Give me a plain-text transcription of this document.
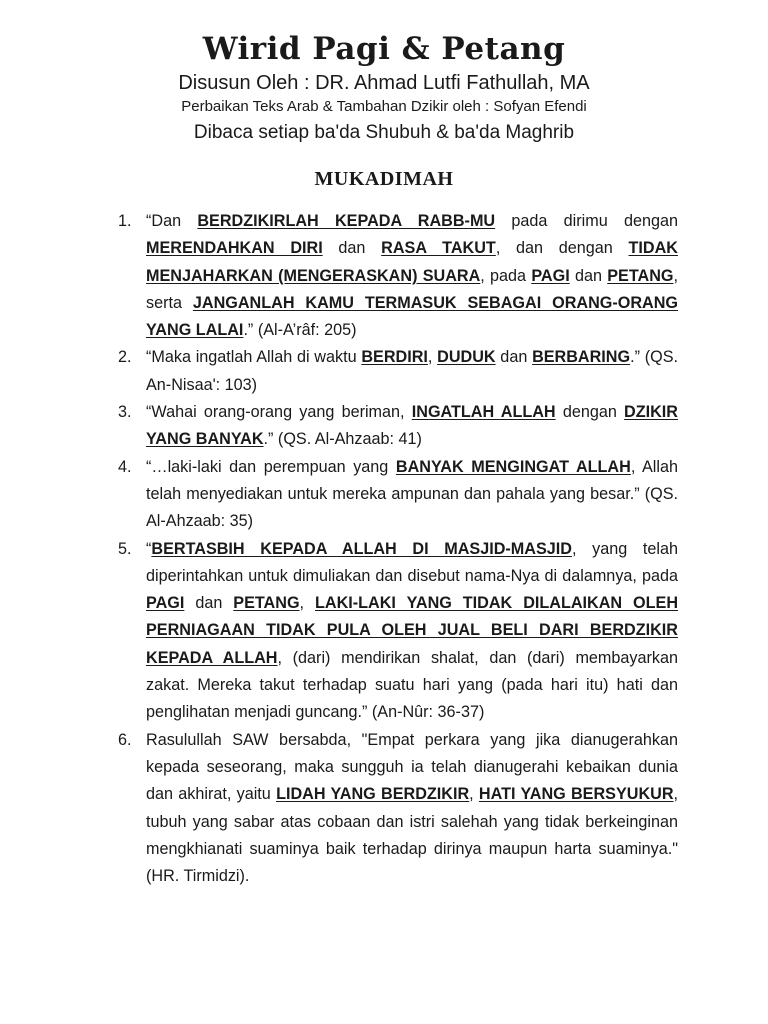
Wirid Pagi & Petang

Disusun Oleh : DR. Ahmad Lutfi Fathullah, MA

Perbaikan Teks Arab & Tambahan Dzikir oleh : Sofyan Efendi

Dibaca setiap ba'da Shubuh & ba'da Maghrib

MUKADIMAH
1. “Dan BERDZIKIRLAH KEPADA RABB-MU pada dirimu dengan MERENDAHKAN DIRI dan RASA TAKUT, dan dengan TIDAK MENJAHARKAN (MENGERASKAN) SUARA, pada PAGI dan PETANG, serta JANGANLAH KAMU TERMASUK SEBAGAI ORANG-ORANG YANG LALAI.” (Al-A’râf: 205)
2. “Maka ingatlah Allah di waktu BERDIRI, DUDUK dan BERBARING.” (QS. An-Nisaa': 103)
3. “Wahai orang-orang yang beriman, INGATLAH ALLAH dengan DZIKIR YANG BANYAK.” (QS. Al-Ahzaab: 41)
4. “…laki-laki dan perempuan yang BANYAK MENGINGAT ALLAH, Allah telah menyediakan untuk mereka ampunan dan pahala yang besar.” (QS. Al-Ahzaab: 35)
5. “BERTASBIH KEPADA ALLAH DI MASJID-MASJID, yang telah diperintahkan untuk dimuliakan dan disebut nama-Nya di dalamnya, pada PAGI dan PETANG, LAKI-LAKI YANG TIDAK DILALAIKAN OLEH PERNIAGAAN TIDAK PULA OLEH JUAL BELI DARI BERDZIKIR KEPADA ALLAH, (dari) mendirikan shalat, dan (dari) membayarkan zakat. Mereka takut terhadap suatu hari yang (pada hari itu) hati dan penglihatan menjadi guncang.” (An-Nûr: 36-37)
6. Rasulullah SAW bersabda, "Empat perkara yang jika dianugerahkan kepada seseorang, maka sungguh ia telah dianugerahi kebaikan dunia dan akhirat, yaitu LIDAH YANG BERDZIKIR, HATI YANG BERSYUKUR, tubuh yang sabar atas cobaan dan istri salehah yang tidak berkeinginan mengkhianati suaminya baik terhadap dirinya maupun harta suaminya." (HR. Tirmidzi).
